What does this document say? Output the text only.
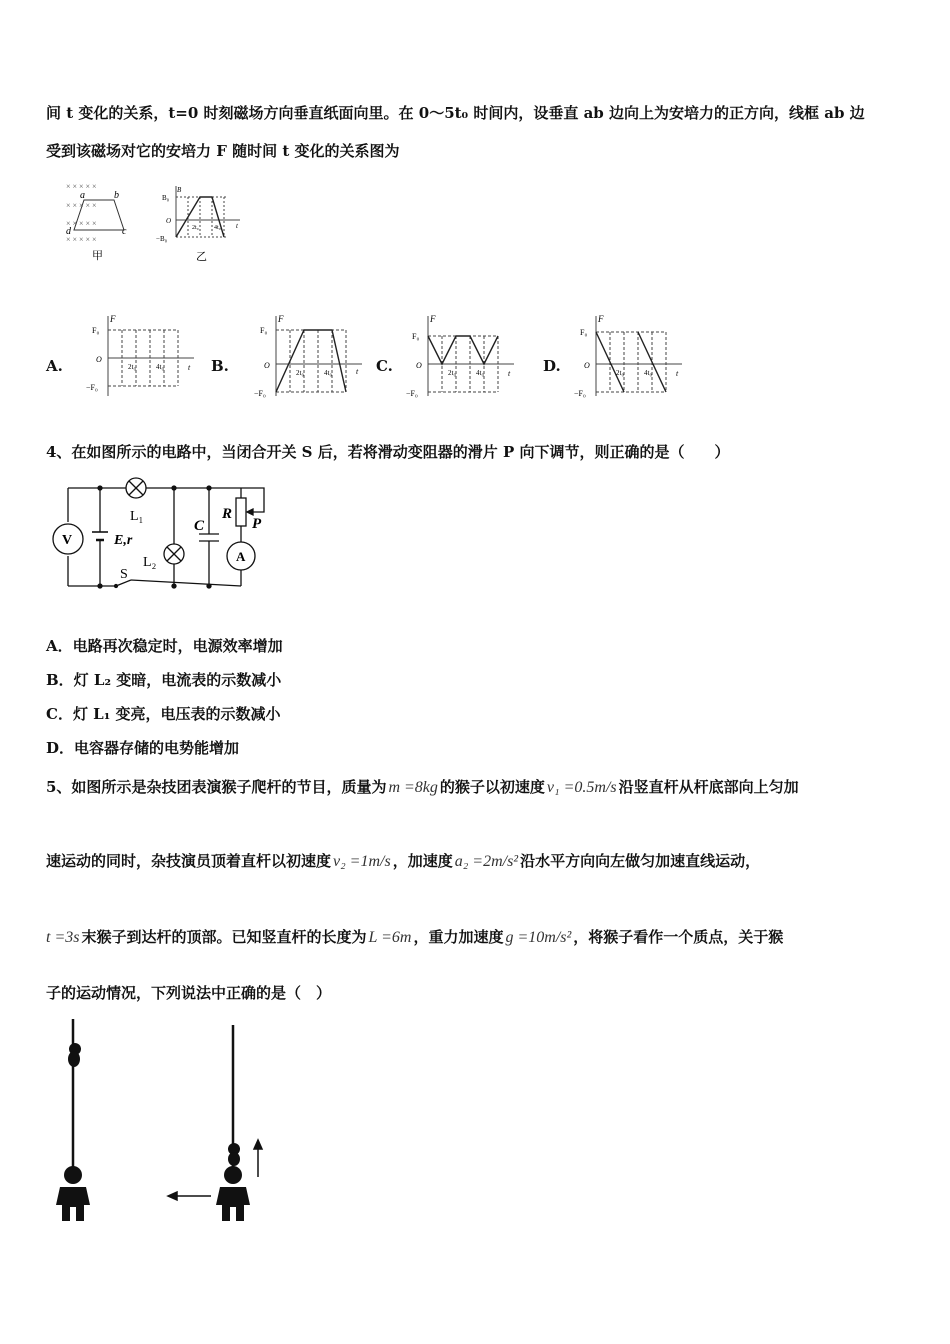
间 t 变化的关系，t=0 时刻磁场方向垂直纸面向里。在 0～5t₀ 时间内，设垂直 ab 边向上为安培力的正方向，线框 ab 边
受到该磁场对它的安培力 F 随时间 t 变化的关系图为
× × × × ×
× × × × ×
× × × × ×
× × × × ×
a	b
d	c
甲
B
B₀
O
−B₀
t
2t₀	4t₀
乙
A.	B.	C.	D.
F
F₀
O
−F₀
t
2t₀	4t₀
F
F₀
O
−F₀
t
2t₀	4t₀
F
F₀
O
−F₀
t
2t₀	4t₀
F
F₀
O
−F₀
t
2t₀	4t₀
4、在如图所示的电路中，当闭合开关 S 后，若将滑动变阻器的滑片 P 向下调节，则正确的是（　　）
V
L₁
E,r
L₂
S
C
R
P
A
A．电路再次稳定时，电源效率增加
B．灯 L₂ 变暗，电流表的示数减小
C．灯 L₁ 变亮，电压表的示数减小
D．电容器存储的电势能增加
5、如图所示是杂技团表演猴子爬杆的节目，质量为 m =8kg 的猴子以初速度 v₁ =0.5m/s 沿竖直杆从杆底部向上匀加
速运动的同时，杂技演员顶着直杆以初速度 v₂ =1m/s ，加速度 a₂ =2m/s² 沿水平方向向左做匀加速直线运动，
t =3s 末猴子到达杆的顶部。已知竖直杆的长度为 L =6m ，重力加速度 g =10m/s² ，将猴子看作一个质点，关于猴
子的运动情况，下列说法中正确的是（　）
